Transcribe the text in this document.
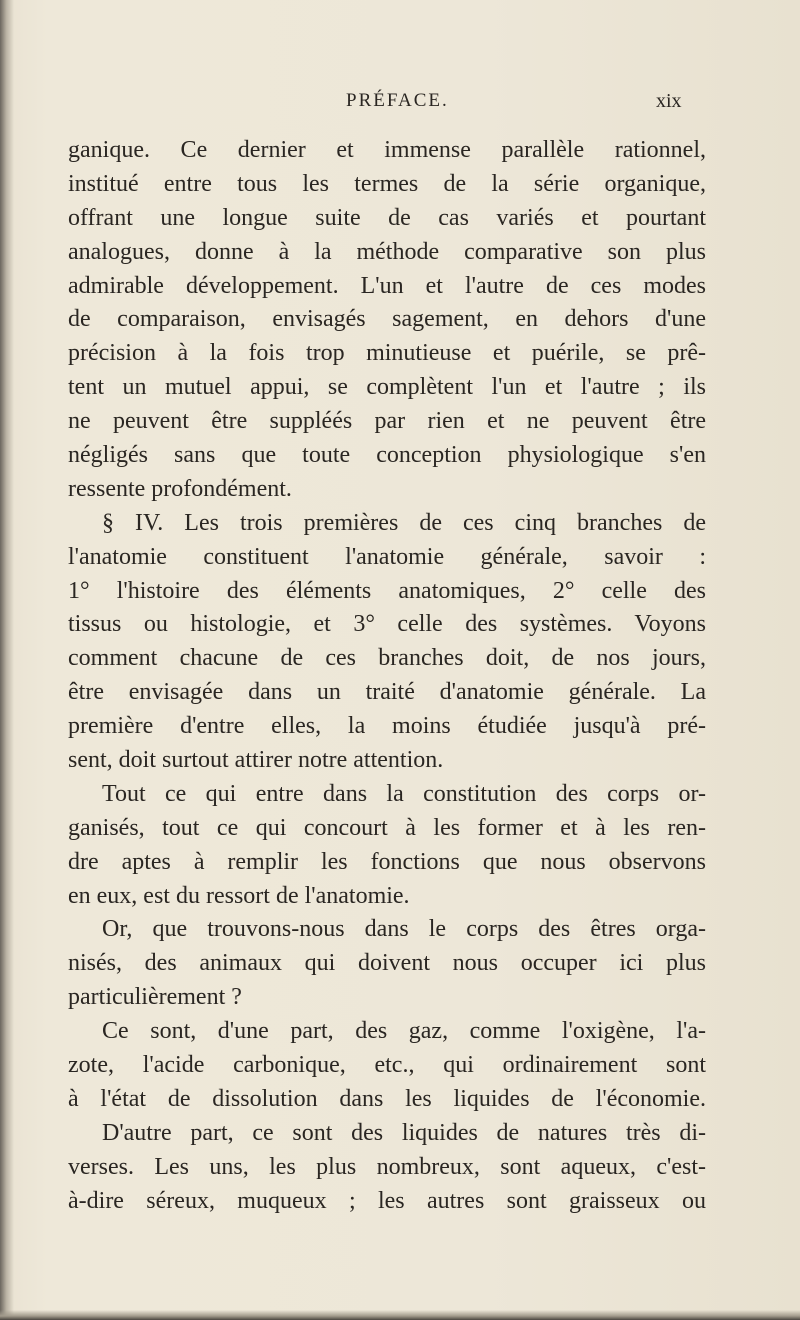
PRÉFACE.	xix
ganique. Ce dernier et immense parallèle rationnel,
institué entre tous les termes de la série organique,
offrant une longue suite de cas variés et pourtant
analogues, donne à la méthode comparative son plus
admirable développement. L'un et l'autre de ces modes
de comparaison, envisagés sagement, en dehors d'une
précision à la fois trop minutieuse et puérile, se prê-
tent un mutuel appui, se complètent l'un et l'autre ; ils
ne peuvent être suppléés par rien et ne peuvent être
négligés sans que toute conception physiologique s'en
ressente profondément.
§ IV. Les trois premières de ces cinq branches de
l'anatomie constituent l'anatomie générale, savoir :
1° l'histoire des éléments anatomiques, 2° celle des
tissus ou histologie, et 3° celle des systèmes. Voyons
comment chacune de ces branches doit, de nos jours,
être envisagée dans un traité d'anatomie générale. La
première d'entre elles, la moins étudiée jusqu'à pré-
sent, doit surtout attirer notre attention.
Tout ce qui entre dans la constitution des corps or-
ganisés, tout ce qui concourt à les former et à les ren-
dre aptes à remplir les fonctions que nous observons
en eux, est du ressort de l'anatomie.
Or, que trouvons-nous dans le corps des êtres orga-
nisés, des animaux qui doivent nous occuper ici plus
particulièrement ?
Ce sont, d'une part, des gaz, comme l'oxigène, l'a-
zote, l'acide carbonique, etc., qui ordinairement sont
à l'état de dissolution dans les liquides de l'économie.
D'autre part, ce sont des liquides de natures très di-
verses. Les uns, les plus nombreux, sont aqueux, c'est-
à-dire séreux, muqueux ; les autres sont graisseux ou
